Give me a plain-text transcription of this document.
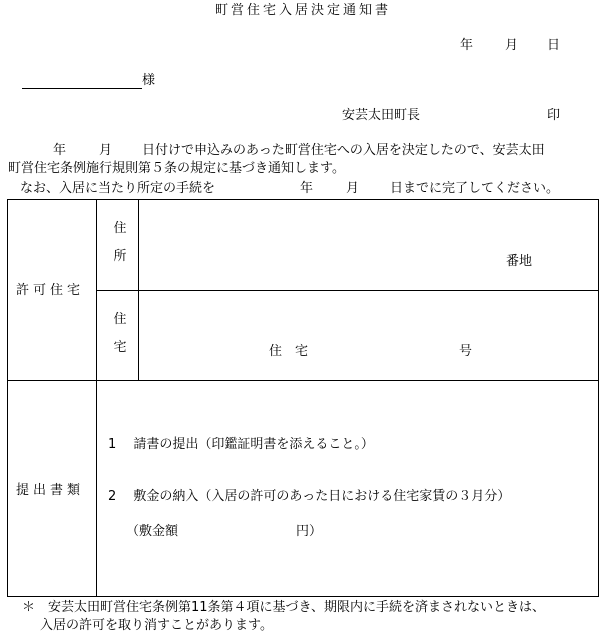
町営住宅入居決定通知書
年 月 日
様
安芸太田町長	印
年	月 日付けで申込みのあった町営住宅への入居を決定したので、安芸太田
町営住宅条例施行規則第５条の規定に基づき通知します。
なお、入居に当たり所定の手続を	年	月 日までに完了してください。
許可住宅
住
所	番地
住
宅	住　宅	号
提出書類
1　 請書の提出（印鑑証明書を添えること。）
2　 敷金の納入（入居の許可のあった日における住宅家賃の３月分）
（敷金額	円）
＊　安芸太田町営住宅条例第11条第４項に基づき、期限内に手続を済まされないときは、
入居の許可を取り消すことがあります。
